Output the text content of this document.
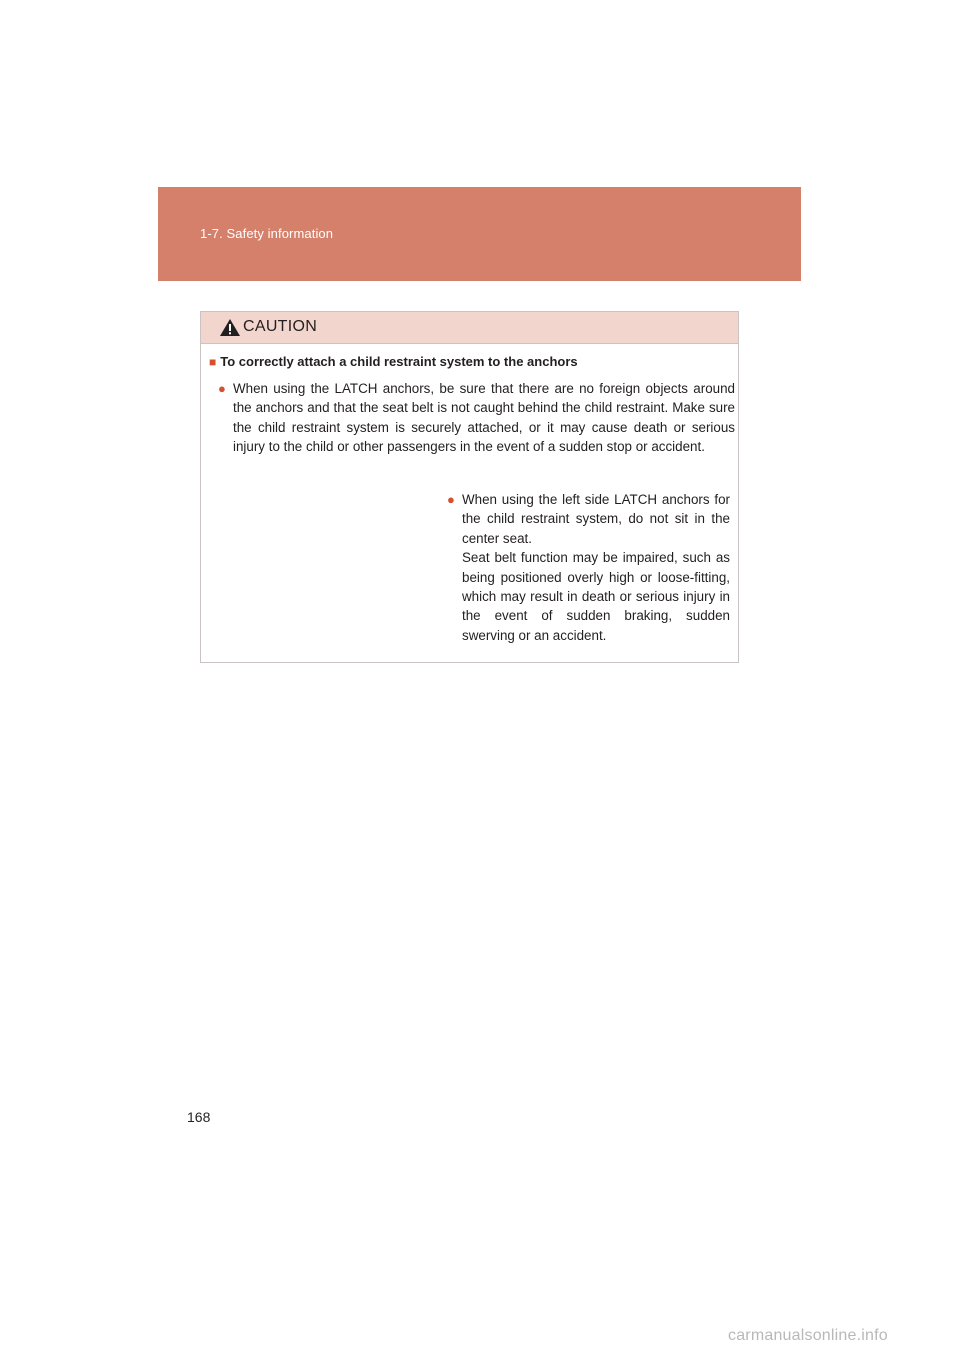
1-7. Safety information
CAUTION
■ To correctly attach a child restraint system to the anchors
● When using the LATCH anchors, be sure that there are no foreign objects around the anchors and that the seat belt is not caught behind the child restraint. Make sure the child restraint system is securely attached, or it may cause death or serious injury to the child or other passengers in the event of a sudden stop or accident.

● When using the left side LATCH anchors for the child restraint system, do not sit in the center seat.

Seat belt function may be impaired, such as being positioned overly high or loose-fitting, which may result in death or serious injury in the event of sudden braking, sudden swerving or an accident.

168
carmanualsonline.info
